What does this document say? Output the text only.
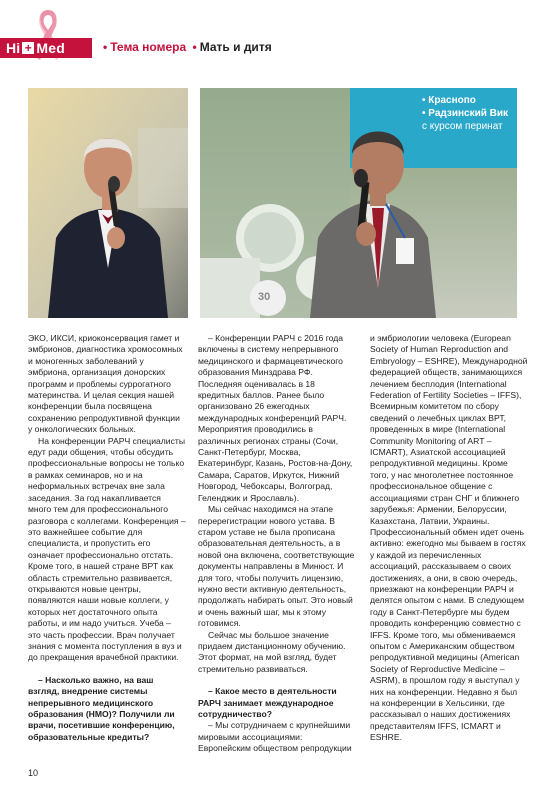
Hi + Med	• Тема номера • Мать и дитя
• Краснопо
• Радзинский Вик
с курсом перинат
30

ЭКО, ИКСИ, криоконсервация гамет и эмбрионов, диагностика хромосомных и моногенных заболеваний у эмбриона, организация донорских программ и проблемы суррогатного материнства. И целая секция нашей конференции была посвящена сохранению репродуктивной функции у онкологических больных.

На конференции РАРЧ специалисты едут ради общения, чтобы обсудить профессиональные вопросы не только в рамках семинаров, но и на неформальных встречах вне зала заседания. За год накапливается много тем для профессионального разговора с коллегами. Конференция – это важнейшее событие для специалиста, и пропустить его означает профессионально отстать. Кроме того, в нашей стране ВРТ как область стремительно развивается, открываются новые центры, появляются наши новые коллеги, у которых нет достаточного опыта работы, и им надо учиться. Учеба – это часть профессии. Врач получает знания с момента поступления в вуз и до прекращения врачебной практики.

– Насколько важно, на ваш взгляд, внедрение системы непрерывного медицинского образования (НМО)? Получили ли врачи, посетившие конференцию, образовательные кредиты?

– Конференции РАРЧ с 2016 года включены в систему непрерывного медицинского и фармацевтического образования Минздрава РФ. Последняя оценивалась в 18 кредитных баллов. Ранее было организовано 26 ежегодных международных конференций РАРЧ. Мероприятия проводились в различных регионах страны (Сочи, Санкт-Петербург, Москва, Екатеринбург, Казань, Ростов-на-Дону, Самара, Саратов, Иркутск, Нижний Новгород, Чебоксары, Волгоград, Геленджик и Ярославль).

Мы сейчас находимся на этапе перерегистрации нового устава. В старом уставе не была прописана образовательная деятельность, а в новой она включена, соответствующие документы направлены в Минюст. И для того, чтобы получить лицензию, нужно вести активную деятельность, продолжать набирать опыт. Это новый и очень важный шаг, мы к этому готовимся.

Сейчас мы большое значение придаем дистанционному обучению. Этот формат, на мой взгляд, будет стремительно развиваться.

– Какое место в деятельности РАРЧ занимает международное сотрудничество?

– Мы сотрудничаем с крупнейшими мировыми ассоциациями: Европейским обществом репродукции

и эмбриологии человека (European Society of Human Reproduction and Embryology – ESHRE), Международной федерацией обществ, занимающихся лечением бесплодия (International Federation of Fertility Societies – IFFS), Всемирным комитетом по сбору сведений о лечебных циклах ВРТ, проведенных в мире (International Community Monitoring of ART – ICMART), Азиатской ассоциацией репродуктивной медицины. Кроме того, у нас многолетнее постоянное профессиональное общение с ассоциациями стран СНГ и ближнего зарубежья: Армении, Белоруссии, Казахстана, Латвии, Украины. Профессиональный обмен идет очень активно: ежегодно мы бываем в гостях у каждой из перечисленных ассоциаций, рассказываем о своих достижениях, а они, в свою очередь, приезжают на конференции РАРЧ и делятся опытом с нами. В следующем году в Санкт-Петербурге мы будем проводить конференцию совместно с IFFS. Кроме того, мы обмениваемся опытом с Американским обществом репродуктивной медицины (American Society of Reproductive Medicine – ASRM), в прошлом году я выступал у них на конференции. Недавно я был на конференции в Хельсинки, где рассказывал о наших достижениях представителям IFFS, ICMART и ESHRE.

10
